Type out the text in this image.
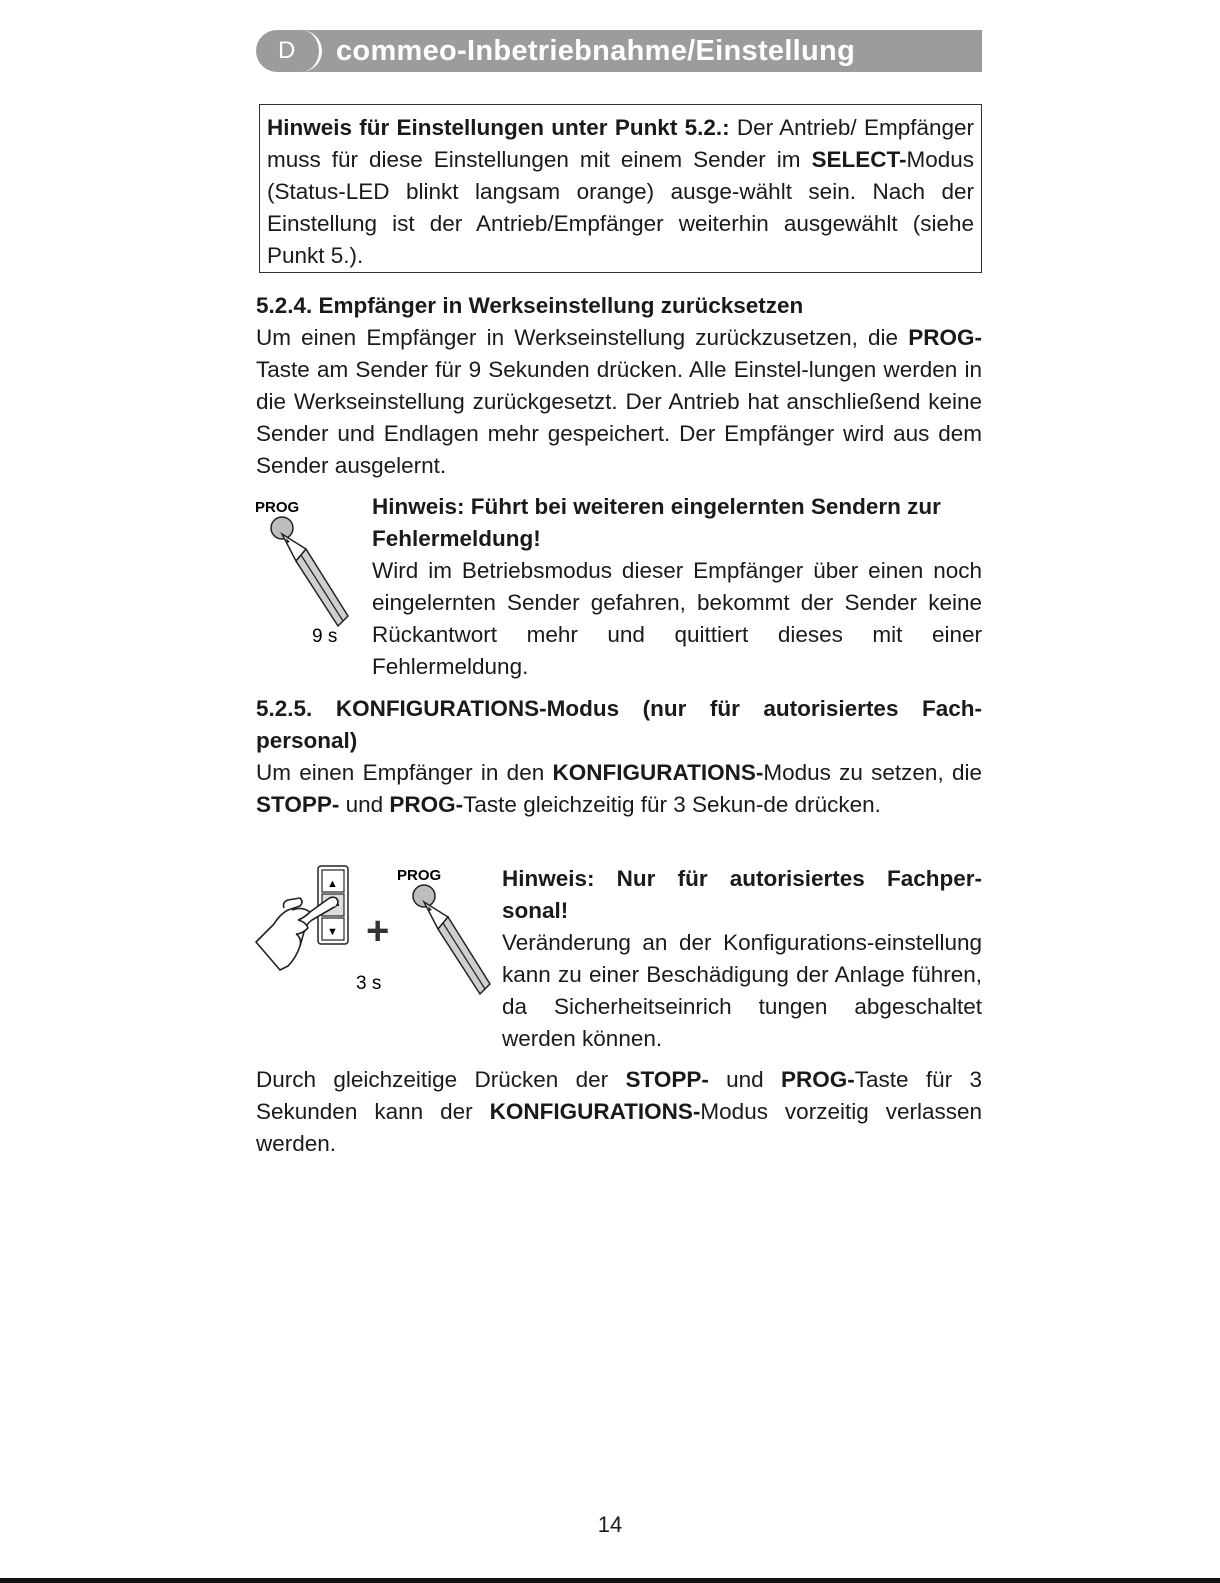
D	commeo-Inbetriebnahme/Einstellung

Hinweis für Einstellungen unter Punkt 5.2.: Der Antrieb/ Empfänger muss für diese Einstellungen mit einem Sender im SELECT-Modus (Status-LED blinkt langsam orange) ausge-wählt sein. Nach der Einstellung ist der Antrieb/Empfänger weiterhin ausgewählt (siehe Punkt 5.).

5.2.4. Empfänger in Werkseinstellung zurücksetzen

Um einen Empfänger in Werkseinstellung zurückzusetzen, die PROG-Taste am Sender für 9 Sekunden drücken. Alle Einstel-lungen werden in die Werkseinstellung zurückgesetzt. Der Antrieb hat anschließend keine Sender und Endlagen mehr gespeichert. Der Empfänger wird aus dem Sender ausgelernt.

PROG
9 s

Hinweis: Führt bei weiteren eingelernten Sendern zur Fehlermeldung!

Wird im Betriebsmodus dieser Empfänger über einen noch eingelernten Sender gefahren, bekommt der Sender keine Rückantwort mehr und quittiert dieses mit einer Fehlermeldung.

5.2.5. KONFIGURATIONS-Modus (nur für autorisiertes Fach-personal)

Um einen Empfänger in den KONFIGURATIONS-Modus zu setzen, die STOPP- und PROG-Taste gleichzeitig für 3 Sekun-de drücken.

▲
▼ +
PROG
3 s

Hinweis: Nur für autorisiertes Fachper-sonal!

Veränderung an der Konfigurations-einstellung kann zu einer Beschädigung der Anlage führen, da Sicherheitseinrich tungen abgeschaltet werden können.

Durch gleichzeitige Drücken der STOPP- und PROG-Taste für 3 Sekunden kann der KONFIGURATIONS-Modus vorzeitig verlassen werden.

14
